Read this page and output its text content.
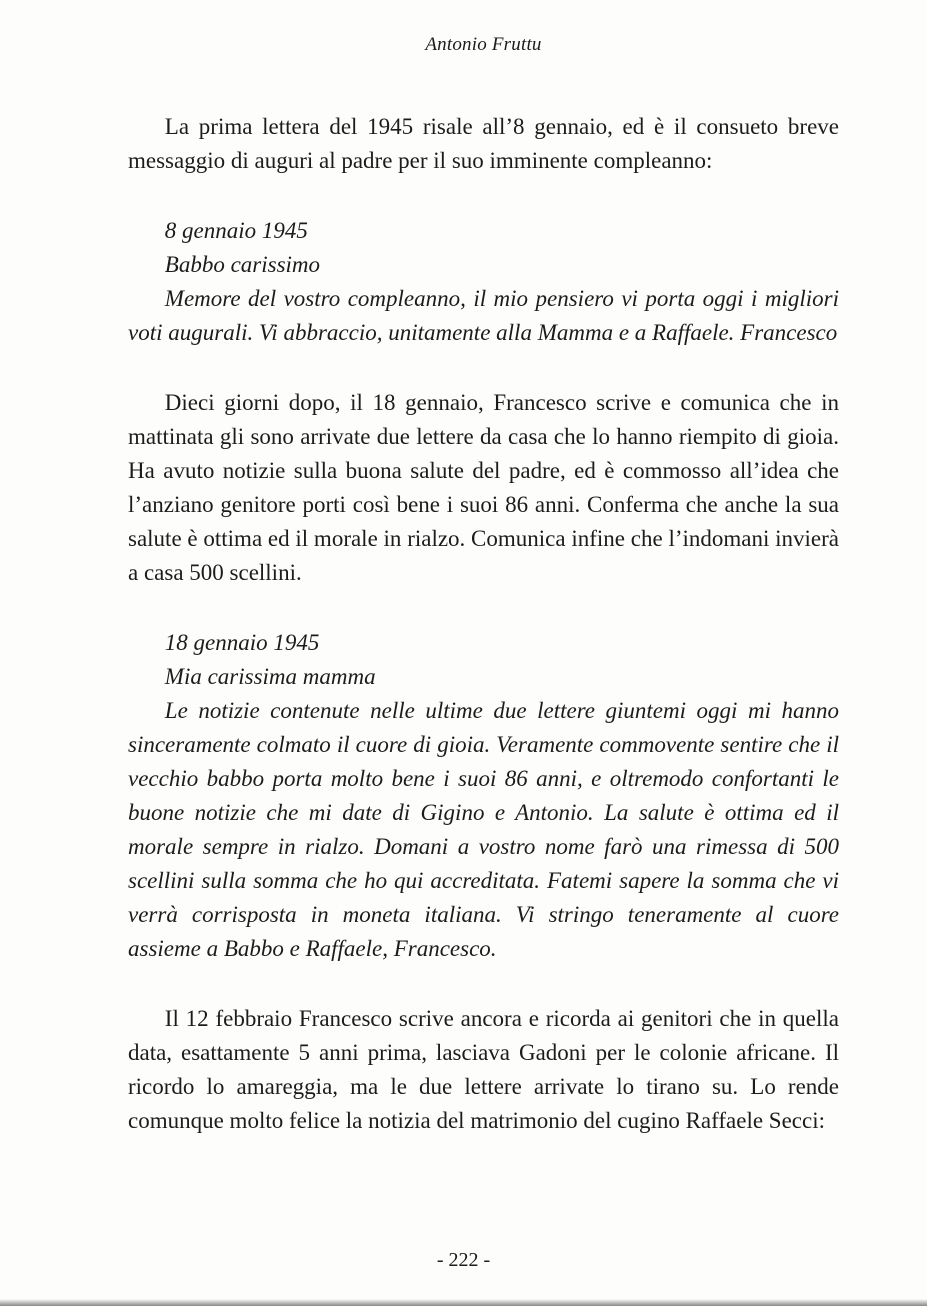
Antonio Fruttu

La prima lettera del 1945 risale all’8 gennaio, ed è il consueto breve messaggio di auguri al padre per il suo imminente compleanno:

8 gennaio 1945

Babbo carissimo

Memore del vostro compleanno, il mio pensiero vi porta oggi i migliori voti augurali. Vi abbraccio, unitamente alla Mamma e a Raffaele. Francesco

Dieci giorni dopo, il 18 gennaio, Francesco scrive e comunica che in mattinata gli sono arrivate due lettere da casa che lo hanno riempito di gioia. Ha avuto notizie sulla buona salute del padre, ed è commosso all’idea che l’anziano genitore porti così bene i suoi 86 anni. Conferma che anche la sua salute è ottima ed il morale in rialzo. Comunica infine che l’indomani invierà a casa 500 scellini.

18 gennaio 1945

Mia carissima mamma

Le notizie contenute nelle ultime due lettere giuntemi oggi mi hanno sinceramente colmato il cuore di gioia. Veramente commovente sentire che il vecchio babbo porta molto bene i suoi 86 anni, e oltremodo confortanti le buone notizie che mi date di Gigino e Antonio. La salute è ottima ed il morale sempre in rialzo. Domani a vostro nome farò una rimessa di 500 scellini sulla somma che ho qui accreditata. Fatemi sapere la somma che vi verrà corrisposta in moneta italiana. Vi stringo teneramente al cuore assieme a Babbo e Raffaele, Francesco.

Il 12 febbraio Francesco scrive ancora e ricorda ai genitori che in quella data, esattamente 5 anni prima, lasciava Gadoni per le colonie africane. Il ricordo lo amareggia, ma le due lettere arrivate lo tirano su. Lo rende comunque molto felice la notizia del matrimonio del cugino Raffaele Secci:

- 222 -
